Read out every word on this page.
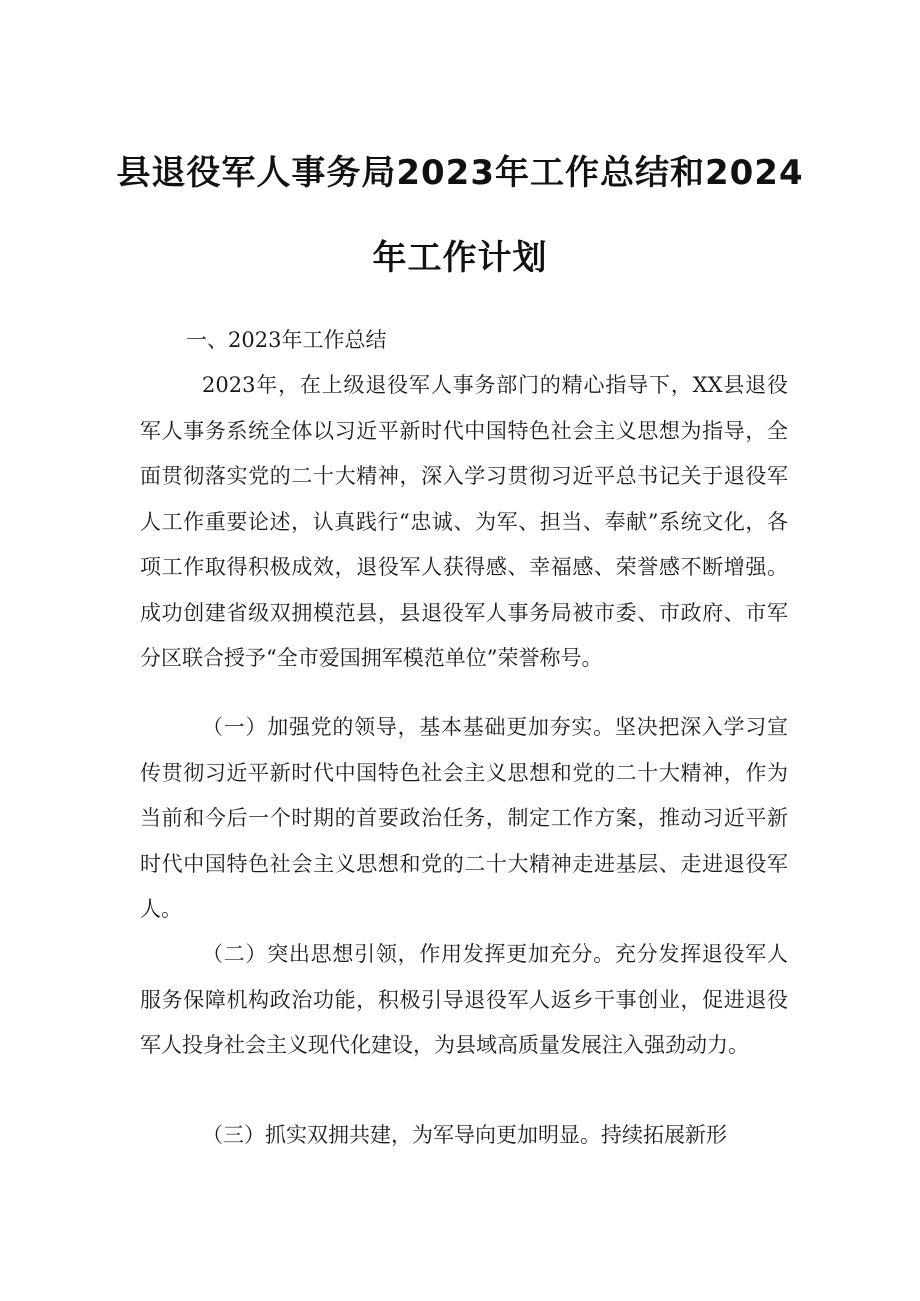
县退役军人事务局2023年工作总结和2024
年工作计划
一、2023年工作总结

2023年，在上级退役军人事务部门的精心指导下，XX县退役军人事务系统全体以习近平新时代中国特色社会主义思想为指导，全面贯彻落实党的二十大精神，深入学习贯彻习近平总书记关于退役军人工作重要论述，认真践行“忠诚、为军、担当、奉献”系统文化，各项工作取得积极成效，退役军人获得感、幸福感、荣誉感不断增强。成功创建省级双拥模范县，县退役军人事务局被市委、市政府、市军分区联合授予“全市爱国拥军模范单位”荣誉称号。

（一）加强党的领导，基本基础更加夯实。坚决把深入学习宣传贯彻习近平新时代中国特色社会主义思想和党的二十大精神，作为当前和今后一个时期的首要政治任务，制定工作方案，推动习近平新时代中国特色社会主义思想和党的二十大精神走进基层、走进退役军人。

（二）突出思想引领，作用发挥更加充分。充分发挥退役军人服务保障机构政治功能，积极引导退役军人返乡干事创业，促进退役军人投身社会主义现代化建设，为县域高质量发展注入强劲动力。

（三）抓实双拥共建，为军导向更加明显。持续拓展新形
